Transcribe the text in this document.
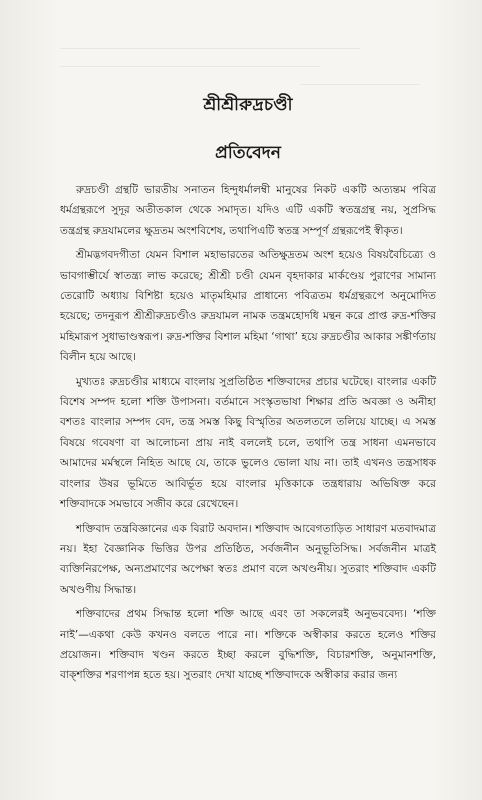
শ্রীশ্রীরুদ্রচণ্ডী
প্রতিবেদন

রুদ্রচণ্ডী গ্রন্থটি ভারতীয় সনাতন হিন্দুধর্মালম্বী মানুষের নিকট একটি অত্যন্তম পবিত্র ধর্মগ্রন্থরূপে সুদূর অতীতকাল থেকে সমাদৃত। যদিও এটি একটি স্বতন্ত্রগ্রন্থ নয়, সুপ্রসিদ্ধ তন্ত্রগ্রন্থ রুদ্রযামলের ক্ষুদ্রতম অংশবিশেষ, তথাপিএটি স্বতন্ত্র সম্পূর্ণ গ্রন্থরূপেই স্বীকৃত।

শ্রীমদ্ভগবদগীতা যেমন বিশাল মহাভারতের অতিক্ষুদ্রতম অংশ হয়েও বিষয়বৈচিত্র্যে ও ভাবগাম্ভীর্যে স্বাতন্ত্র্য লাভ করেছে; শ্রীশ্রী চণ্ডী যেমন বৃহদাকার মার্কণ্ডেয় পুরাণের সামান্য তেরোটি অধ্যায় বিশিষ্টা হয়েও মাতৃমহিমার প্রাধান্যে পবিত্রতম ধর্মগ্রন্থরূপে অনুমোদিত হয়েছে; তদনুরূপ শ্রীশ্রীরুদ্রচণ্ডীও রুদ্রযামল নামক তন্ত্রমহোদধি মন্থন করে প্রাপ্ত রুদ্র-শক্তির মহিমারূপ সুধাভাণ্ডস্বরূপ। রুদ্র-শক্তির বিশাল মহিমা ‘গাথা’ হয়ে রুদ্রচণ্ডীর আকার সঙ্কীর্ণতায় বিলীন হয়ে আছে।

মুখ্যতঃ রুদ্রচণ্ডীর মাধ্যমে বাংলায় সুপ্রতিষ্ঠিত শক্তিবাদের প্রচার ঘটেছে। বাংলার একটি বিশেষ সম্পদ হলো শক্তি উপাসনা। বর্তমানে সংস্কৃতভাষা শিক্ষার প্রতি অবজ্ঞা ও অনীহা বশতঃ বাংলার সম্পদ বেদ, তন্ত্র সমস্ত কিছু বিস্মৃতির অতলতলে তলিয়ে যাচ্ছে। এ সমস্ত বিষয়ে গবেষণা বা আলোচনা প্রায় নাই বললেই চলে, তথাপি তন্ত্র সাধনা এমনভাবে আমাদের মর্মস্থলে নিহিত আছে যে, তাকে ভুলেও ভোলা যায় না। তাই এখনও তন্ত্রসাধক বাংলার উষর ভূমিতে আবির্ভূত হয়ে বাংলার মৃত্তিকাকে তন্ত্রধারায় অভিষিক্ত করে শক্তিবাদকে সমভাবে সজীব করে রেখেছেন।

শক্তিবাদ তন্ত্রবিজ্ঞানের এক বিরাট অবদান। শক্তিবাদ আবেগতাড়িত সাধারণ মতবাদমাত্র নয়। ইহা বৈজ্ঞানিক ভিত্তির উপর প্রতিষ্ঠিত, সর্বজনীন অনুভূতিসিদ্ধ। সর্বজনীন মাত্রই ব্যক্তিনিরপেক্ষ, অন্যপ্রমাণের অপেক্ষা স্বতঃ প্রমাণ বলে অখণ্ডনীয়। সুতরাং শক্তিবাদ একটি অখণ্ডণীয় সিদ্ধান্ত।

শক্তিবাদের প্রথম সিদ্ধান্ত হলো শক্তি আছে এবং তা সকলেরই অনুভববেদ্য। ‘শক্তি নাই’—একথা কেউ কখনও বলতে পারে না। শক্তিকে অস্বীকার করতে হলেও শক্তির প্রয়োজন। শক্তিবাদ খণ্ডন করতে ইচ্ছা করলে বুদ্ধিশক্তি, বিচারশক্তি, অনুমানশক্তি, বাক্‌শক্তির শরণাপন্ন হতে হয়। সুতরাং দেখা যাচ্ছে শক্তিবাদকে অস্বীকার করার জন্য
